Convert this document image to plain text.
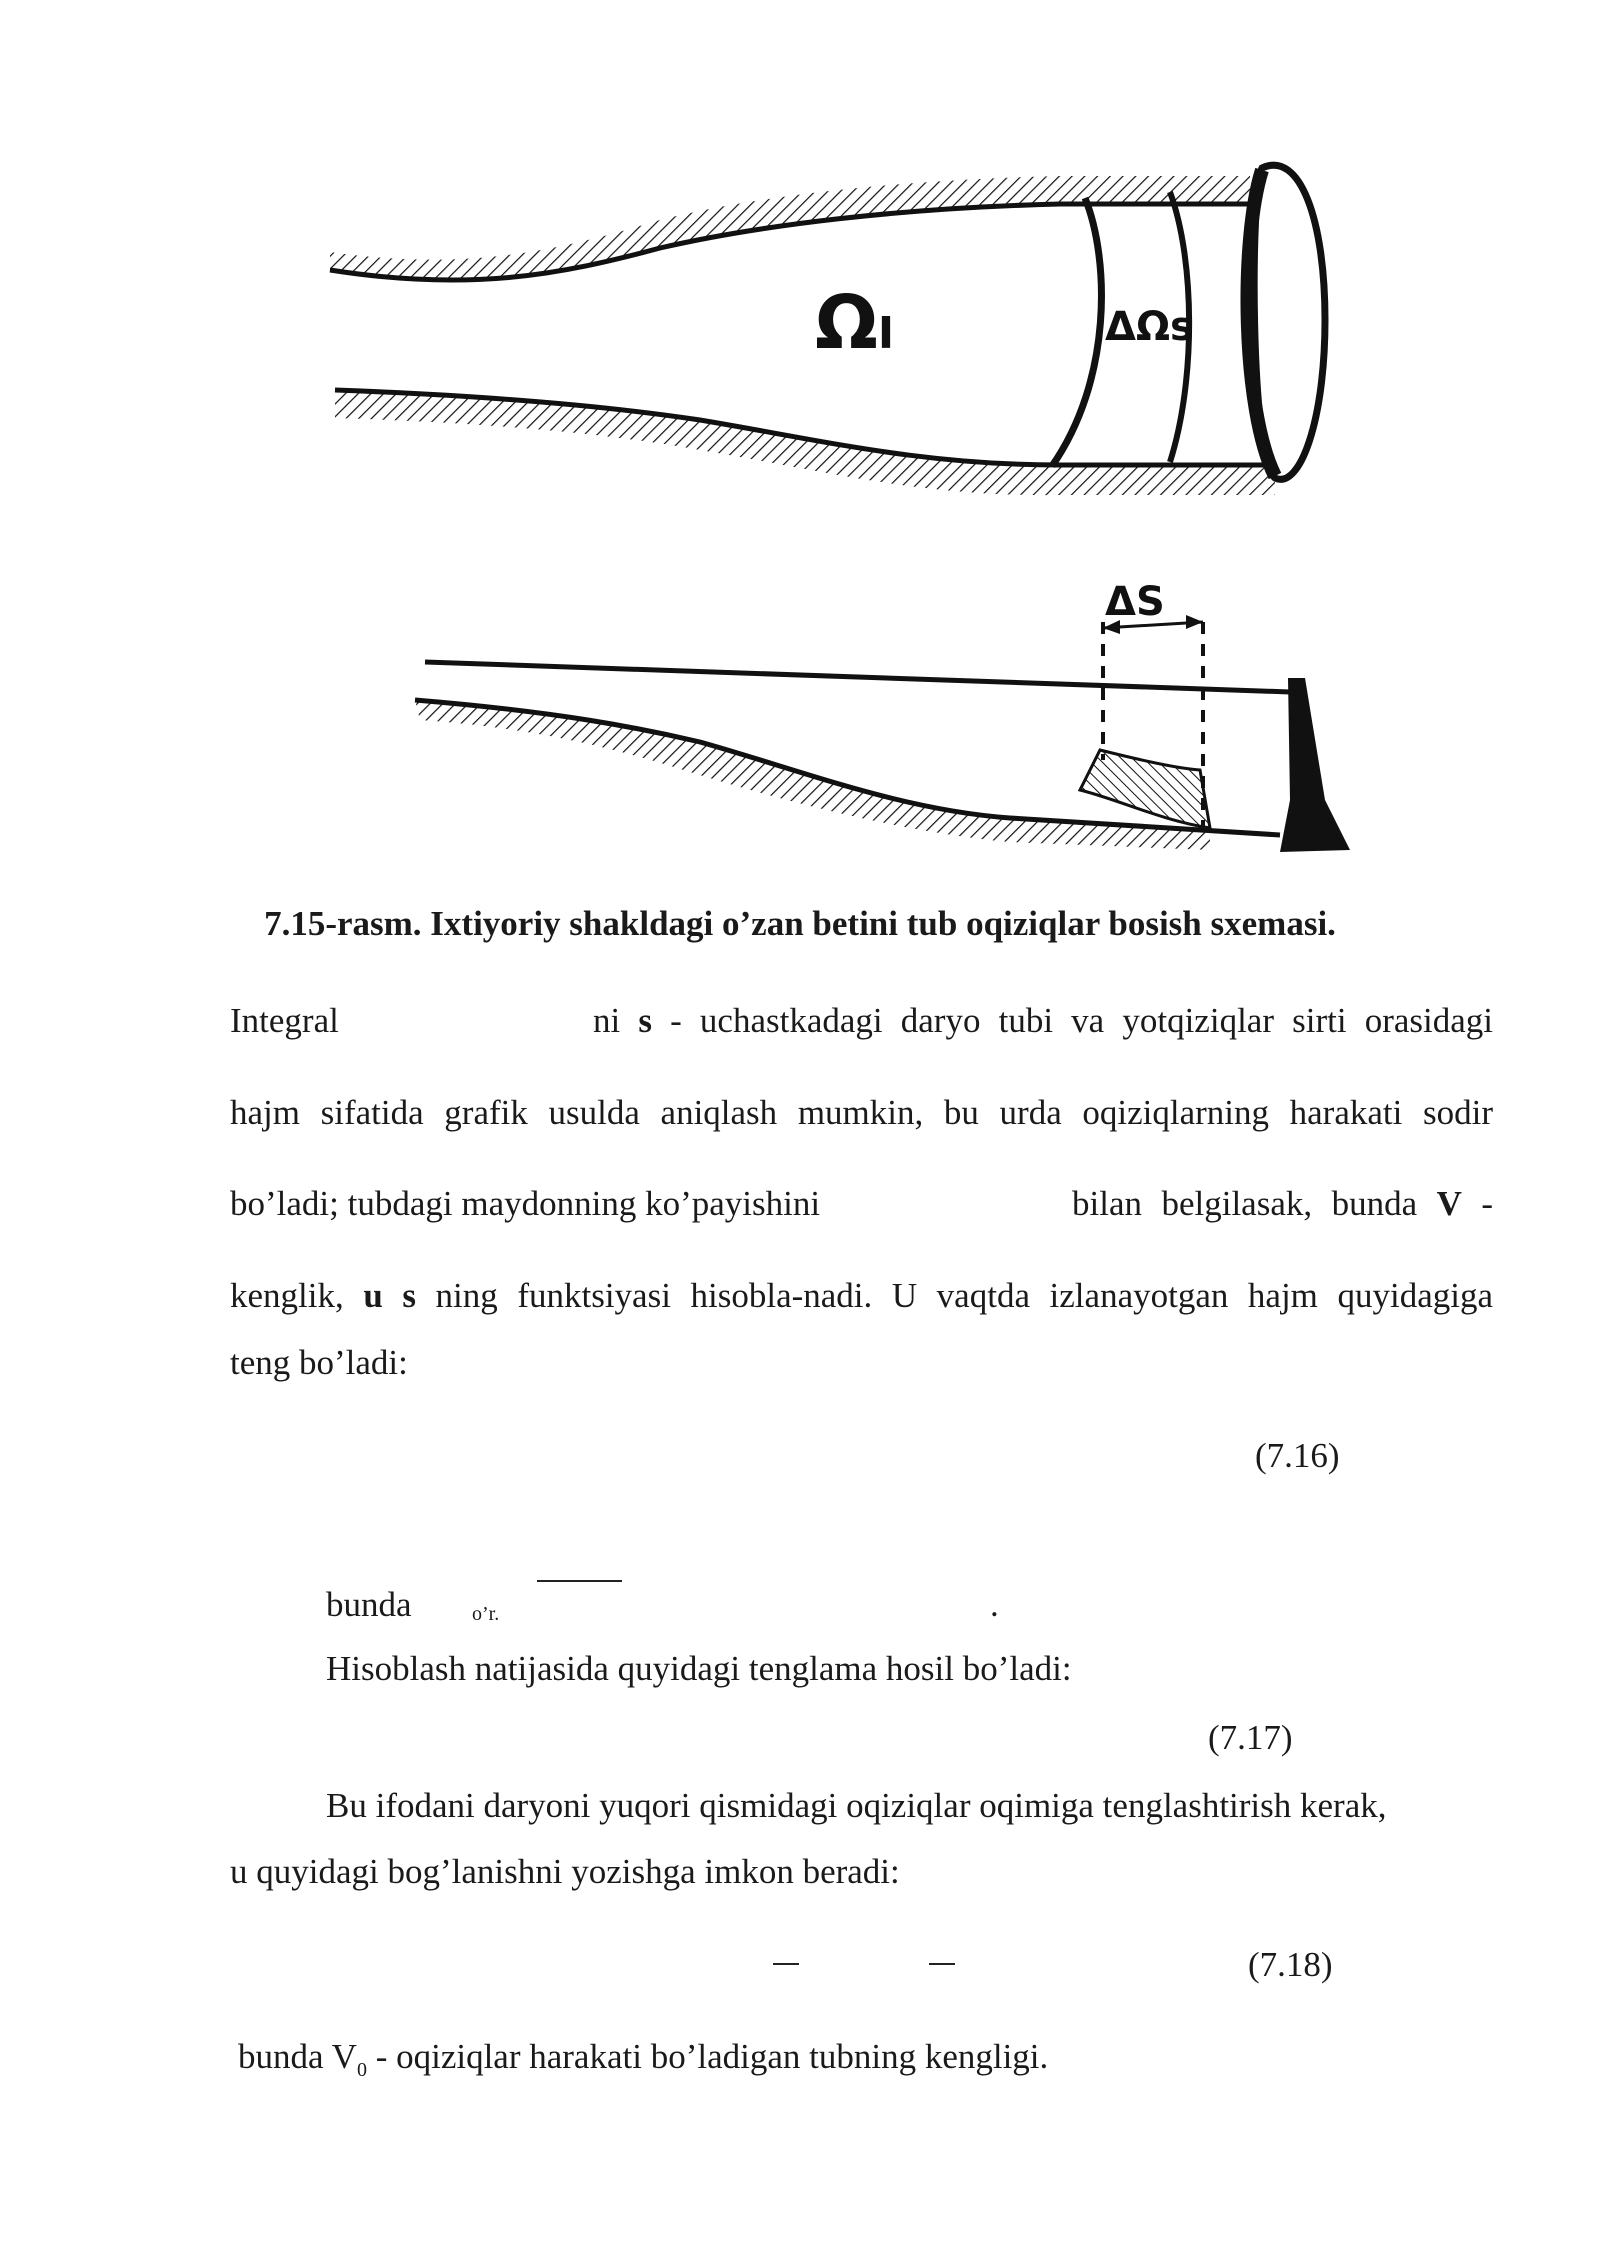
Ωₗ	ΔΩs
ΔS
7.15-rasm. Ixtiyoriy shakldagi o’zan betini tub oqiziqlar bosish sxemasi.
Integral	ni s - uchastkadagi daryo tubi va yotqiziqlar sirti orasidagi
hajm sifatida grafik usulda aniqlash mumkin, bu urda oqiziqlarning harakati sodir
bo’ladi; tubdagi maydonning ko’payishini	bilan belgilasak, bunda V -
kenglik, u s ning funktsiyasi hisobla-nadi. U vaqtda izlanayotgan hajm quyidagiga
teng bo’ladi:
(7.16)
bunda	o’r.	.
Hisoblash natijasida quyidagi tenglama hosil bo’ladi:
(7.17)
Bu ifodani daryoni yuqori qismidagi oqiziqlar oqimiga tenglashtirish kerak,
u quyidagi bog’lanishni yozishga imkon beradi:
(7.18)
bunda $V_0$ - oqiziqlar harakati bo’ladigan tubning kengligi.
